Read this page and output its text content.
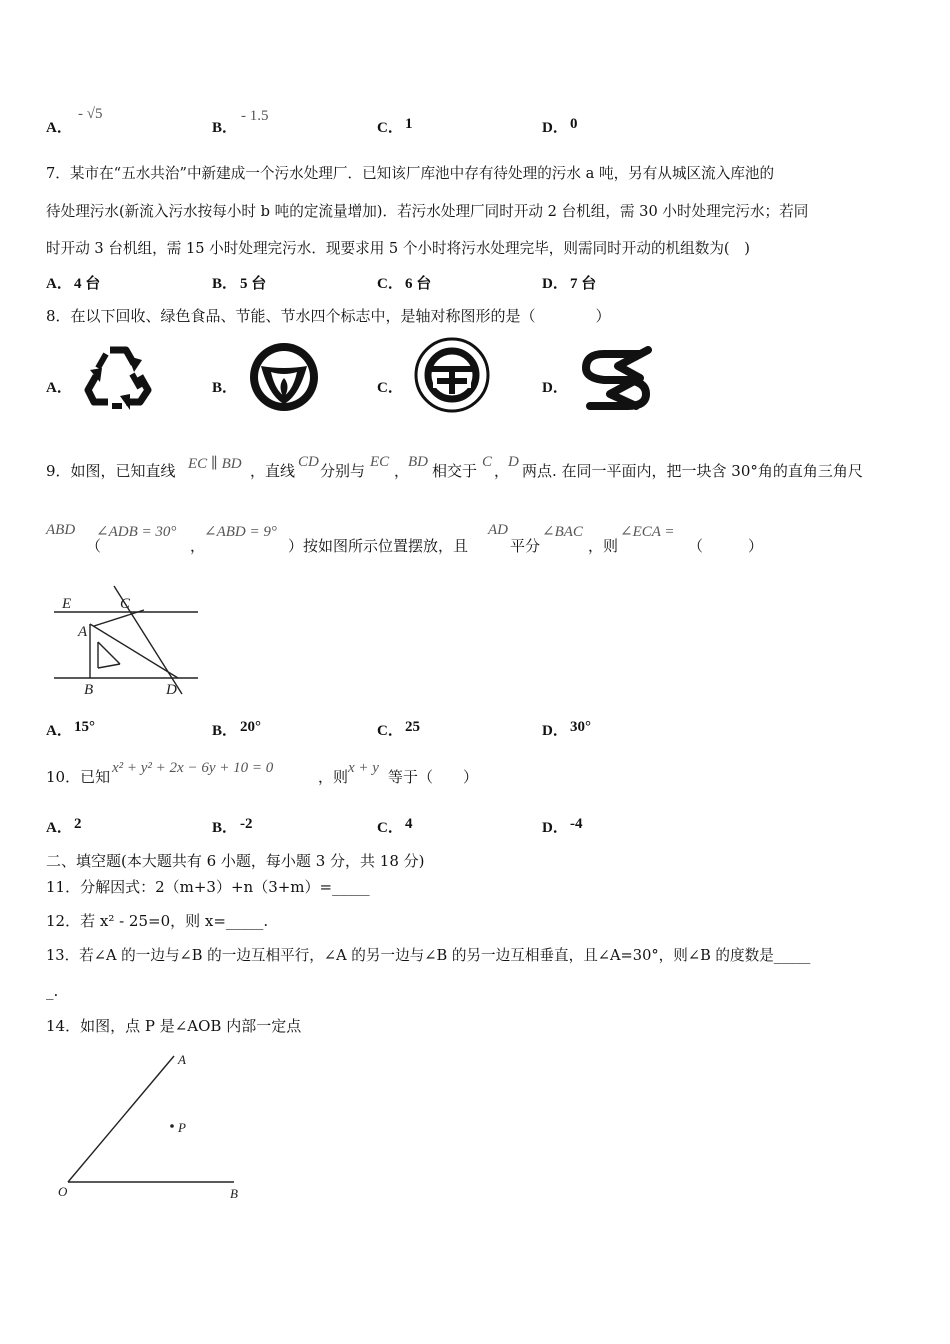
A．
- √5
B．
- 1.5
C． 1	D． 0
7．某市在“五水共治”中新建成一个污水处理厂．已知该厂库池中存有待处理的污水 a 吨，另有从城区流入库池的
待处理污水(新流入污水按每小时 b 吨的定流量增加)．若污水处理厂同时开动 2 台机组，需 30 小时处理完污水；若同
时开动 3 台机组，需 15 小时处理完污水．现要求用 5 个小时将污水处理完毕，则需同时开动的机组数为(　)
A． 4 台	B． 5 台	C． 6 台	D． 7 台
8．在以下回收、绿色食品、节能、节水四个标志中，是轴对称图形的是（　　　　）
A．	B．	C．	D．
9．如图，已知直线 EC ∥ BD ，直线 CD 分别与 EC ，
BD 相交于 C ，
D 两点. 在同一平面内，把一块含 30°角的直角三角尺
ABD
（
∠ADB = 30°
，
∠ABD = 9°
）按如图所示位置摆放，且
AD
平分
∠BAC
，则
∠ECA =
（　　　）
E	C
A
B	D
A． 15°	B． 20°	C． 25	D． 30°
10．已知 x² + y² + 2x − 6y + 10 = 0	，则 x + y 等于（　　）
A． 2	B． -2	C． 4	D． -4
二、填空题(本大题共有 6 小题，每小题 3 分，共 18 分)
11．分解因式：2（m+3）+n（3+m）=_____
12．若 x² - 25=0，则 x=_____.
13．若∠A 的一边与∠B 的一边互相平行，∠A 的另一边与∠B 的另一边互相垂直，且∠A=30°，则∠B 的度数是_____
_.
14．如图，点 P 是∠AOB 内部一定点
A
P
O	B
